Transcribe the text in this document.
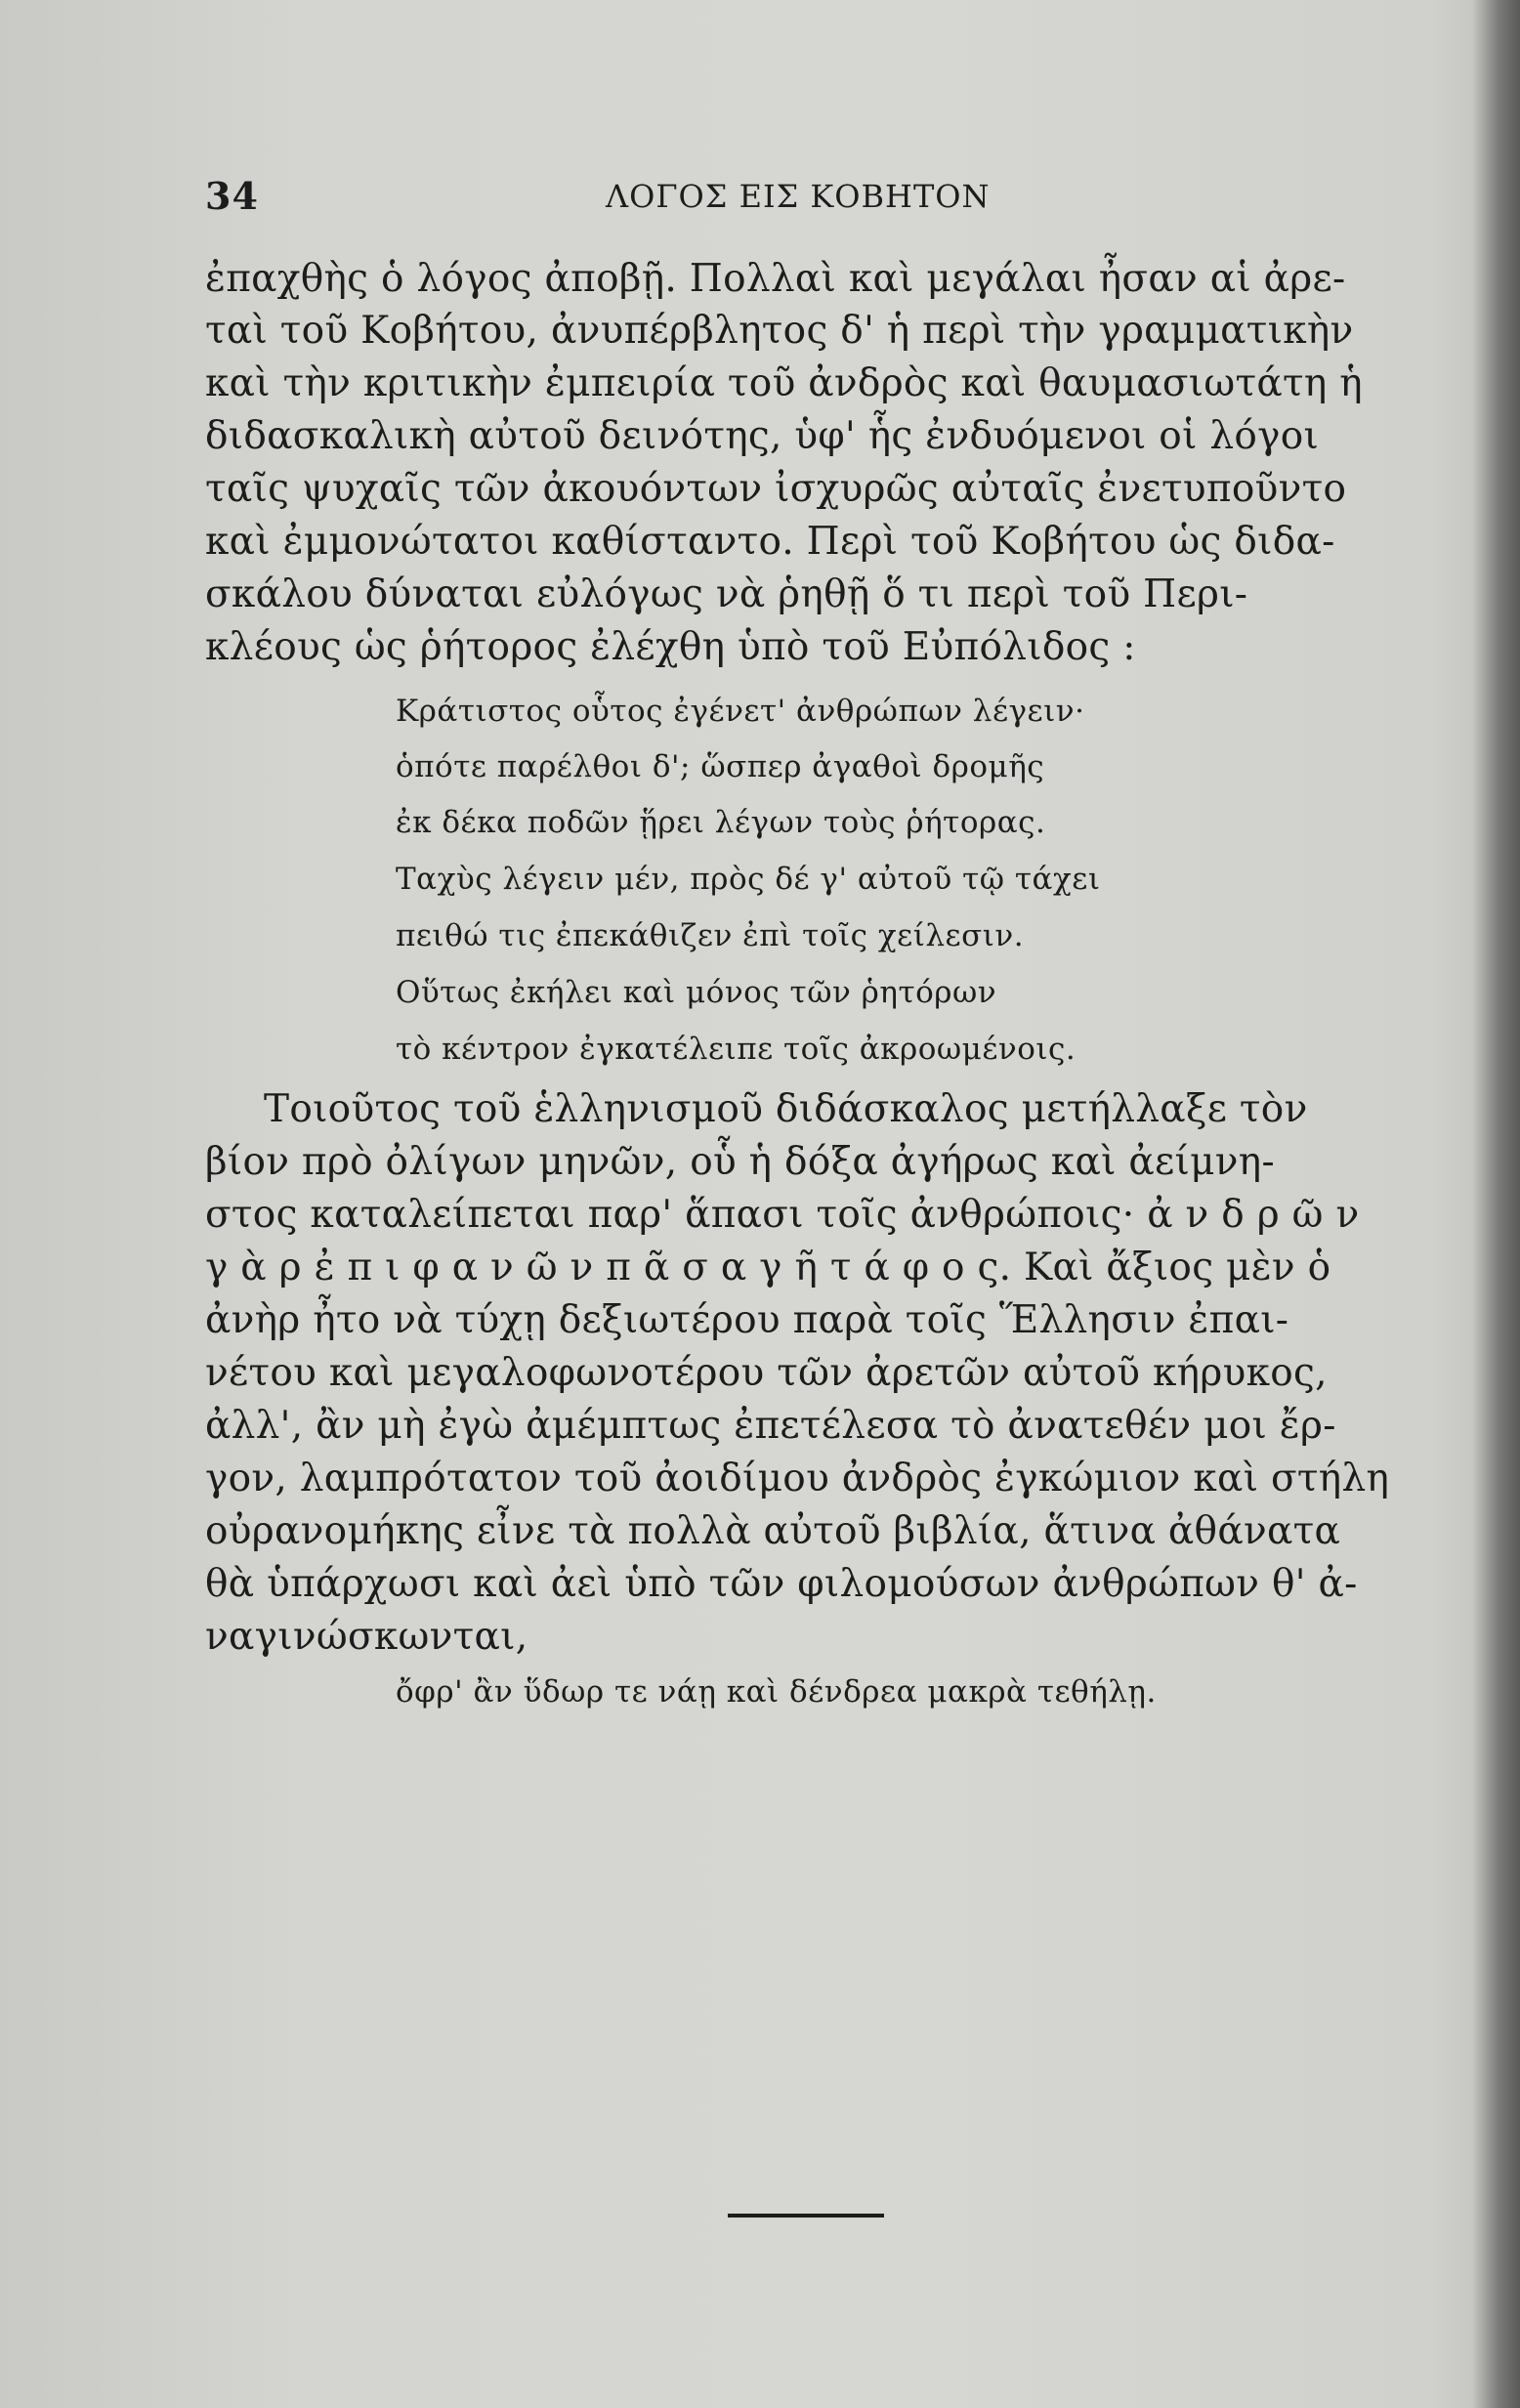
34	ΛΟΓΟΣ ΕΙΣ ΚΟΒΗΤΟΝ
ἐπαχθὴς ὁ λόγος ἀποβῇ. Πολλαὶ καὶ μεγάλαι ἦσαν αἱ ἀρε-
ταὶ τοῦ Κοβήτου, ἀνυπέρβλητος δ' ἡ περὶ τὴν γραμματικὴν
καὶ τὴν κριτικὴν ἐμπειρία τοῦ ἀνδρὸς καὶ θαυμασιωτάτη ἡ
διδασκαλικὴ αὐτοῦ δεινότης, ὑφ' ἧς ἐνδυόμενοι οἱ λόγοι
ταῖς ψυχαῖς τῶν ἀκουόντων ἰσχυρῶς αὐταῖς ἐνετυποῦντο
καὶ ἐμμονώτατοι καθίσταντο. Περὶ τοῦ Κοβήτου ὡς διδα-
σκάλου δύναται εὐλόγως νὰ ῥηθῇ ὅ τι περὶ τοῦ Περι-
κλέους ὡς ῥήτορος ἐλέχθη ὑπὸ τοῦ Εὐπόλιδος :
Κράτιστος οὗτος ἐγένετ' ἀνθρώπων λέγειν·
ὁπότε παρέλθοι δ'; ὥσπερ ἀγαθοὶ δρομῆς
ἐκ δέκα ποδῶν ᾕρει λέγων τοὺς ῥήτορας.
Ταχὺς λέγειν μέν, πρὸς δέ γ' αὐτοῦ τῷ τάχει
πειθώ τις ἐπεκάθιζεν ἐπὶ τοῖς χείλεσιν.
Οὕτως ἐκήλει καὶ μόνος τῶν ῥητόρων
τὸ κέντρον ἐγκατέλειπε τοῖς ἀκροωμένοις.
Τοιοῦτος τοῦ ἑλληνισμοῦ διδάσκαλος μετήλλαξε τὸν
βίον πρὸ ὀλίγων μηνῶν, οὗ ἡ δόξα ἀγήρως καὶ ἀείμνη-
στος καταλείπεται παρ' ἅπασι τοῖς ἀνθρώποις· ἀ ν δ ρ ῶ ν
γ ὰ ρ ἐ π ι φ α ν ῶ ν π ᾶ σ α γ ῆ τ ά φ ο ς. Καὶ ἄξιος μὲν ὁ
ἀνὴρ ἦτο νὰ τύχῃ δεξιωτέρου παρὰ τοῖς Ἕλλησιν ἐπαι-
νέτου καὶ μεγαλοφωνοτέρου τῶν ἀρετῶν αὐτοῦ κήρυκος,
ἀλλ', ἂν μὴ ἐγὼ ἀμέμπτως ἐπετέλεσα τὸ ἀνατεθέν μοι ἔρ-
γον, λαμπρότατον τοῦ ἀοιδίμου ἀνδρὸς ἐγκώμιον καὶ στήλη
οὐρανομήκης εἶνε τὰ πολλὰ αὐτοῦ βιβλία, ἅτινα ἀθάνατα
θὰ ὑπάρχωσι καὶ ἀεὶ ὑπὸ τῶν φιλομούσων ἀνθρώπων θ' ἀ-
ναγινώσκωνται,
ὄφρ' ἂν ὕδωρ τε νάῃ καὶ δένδρεα μακρὰ τεθήλῃ.
